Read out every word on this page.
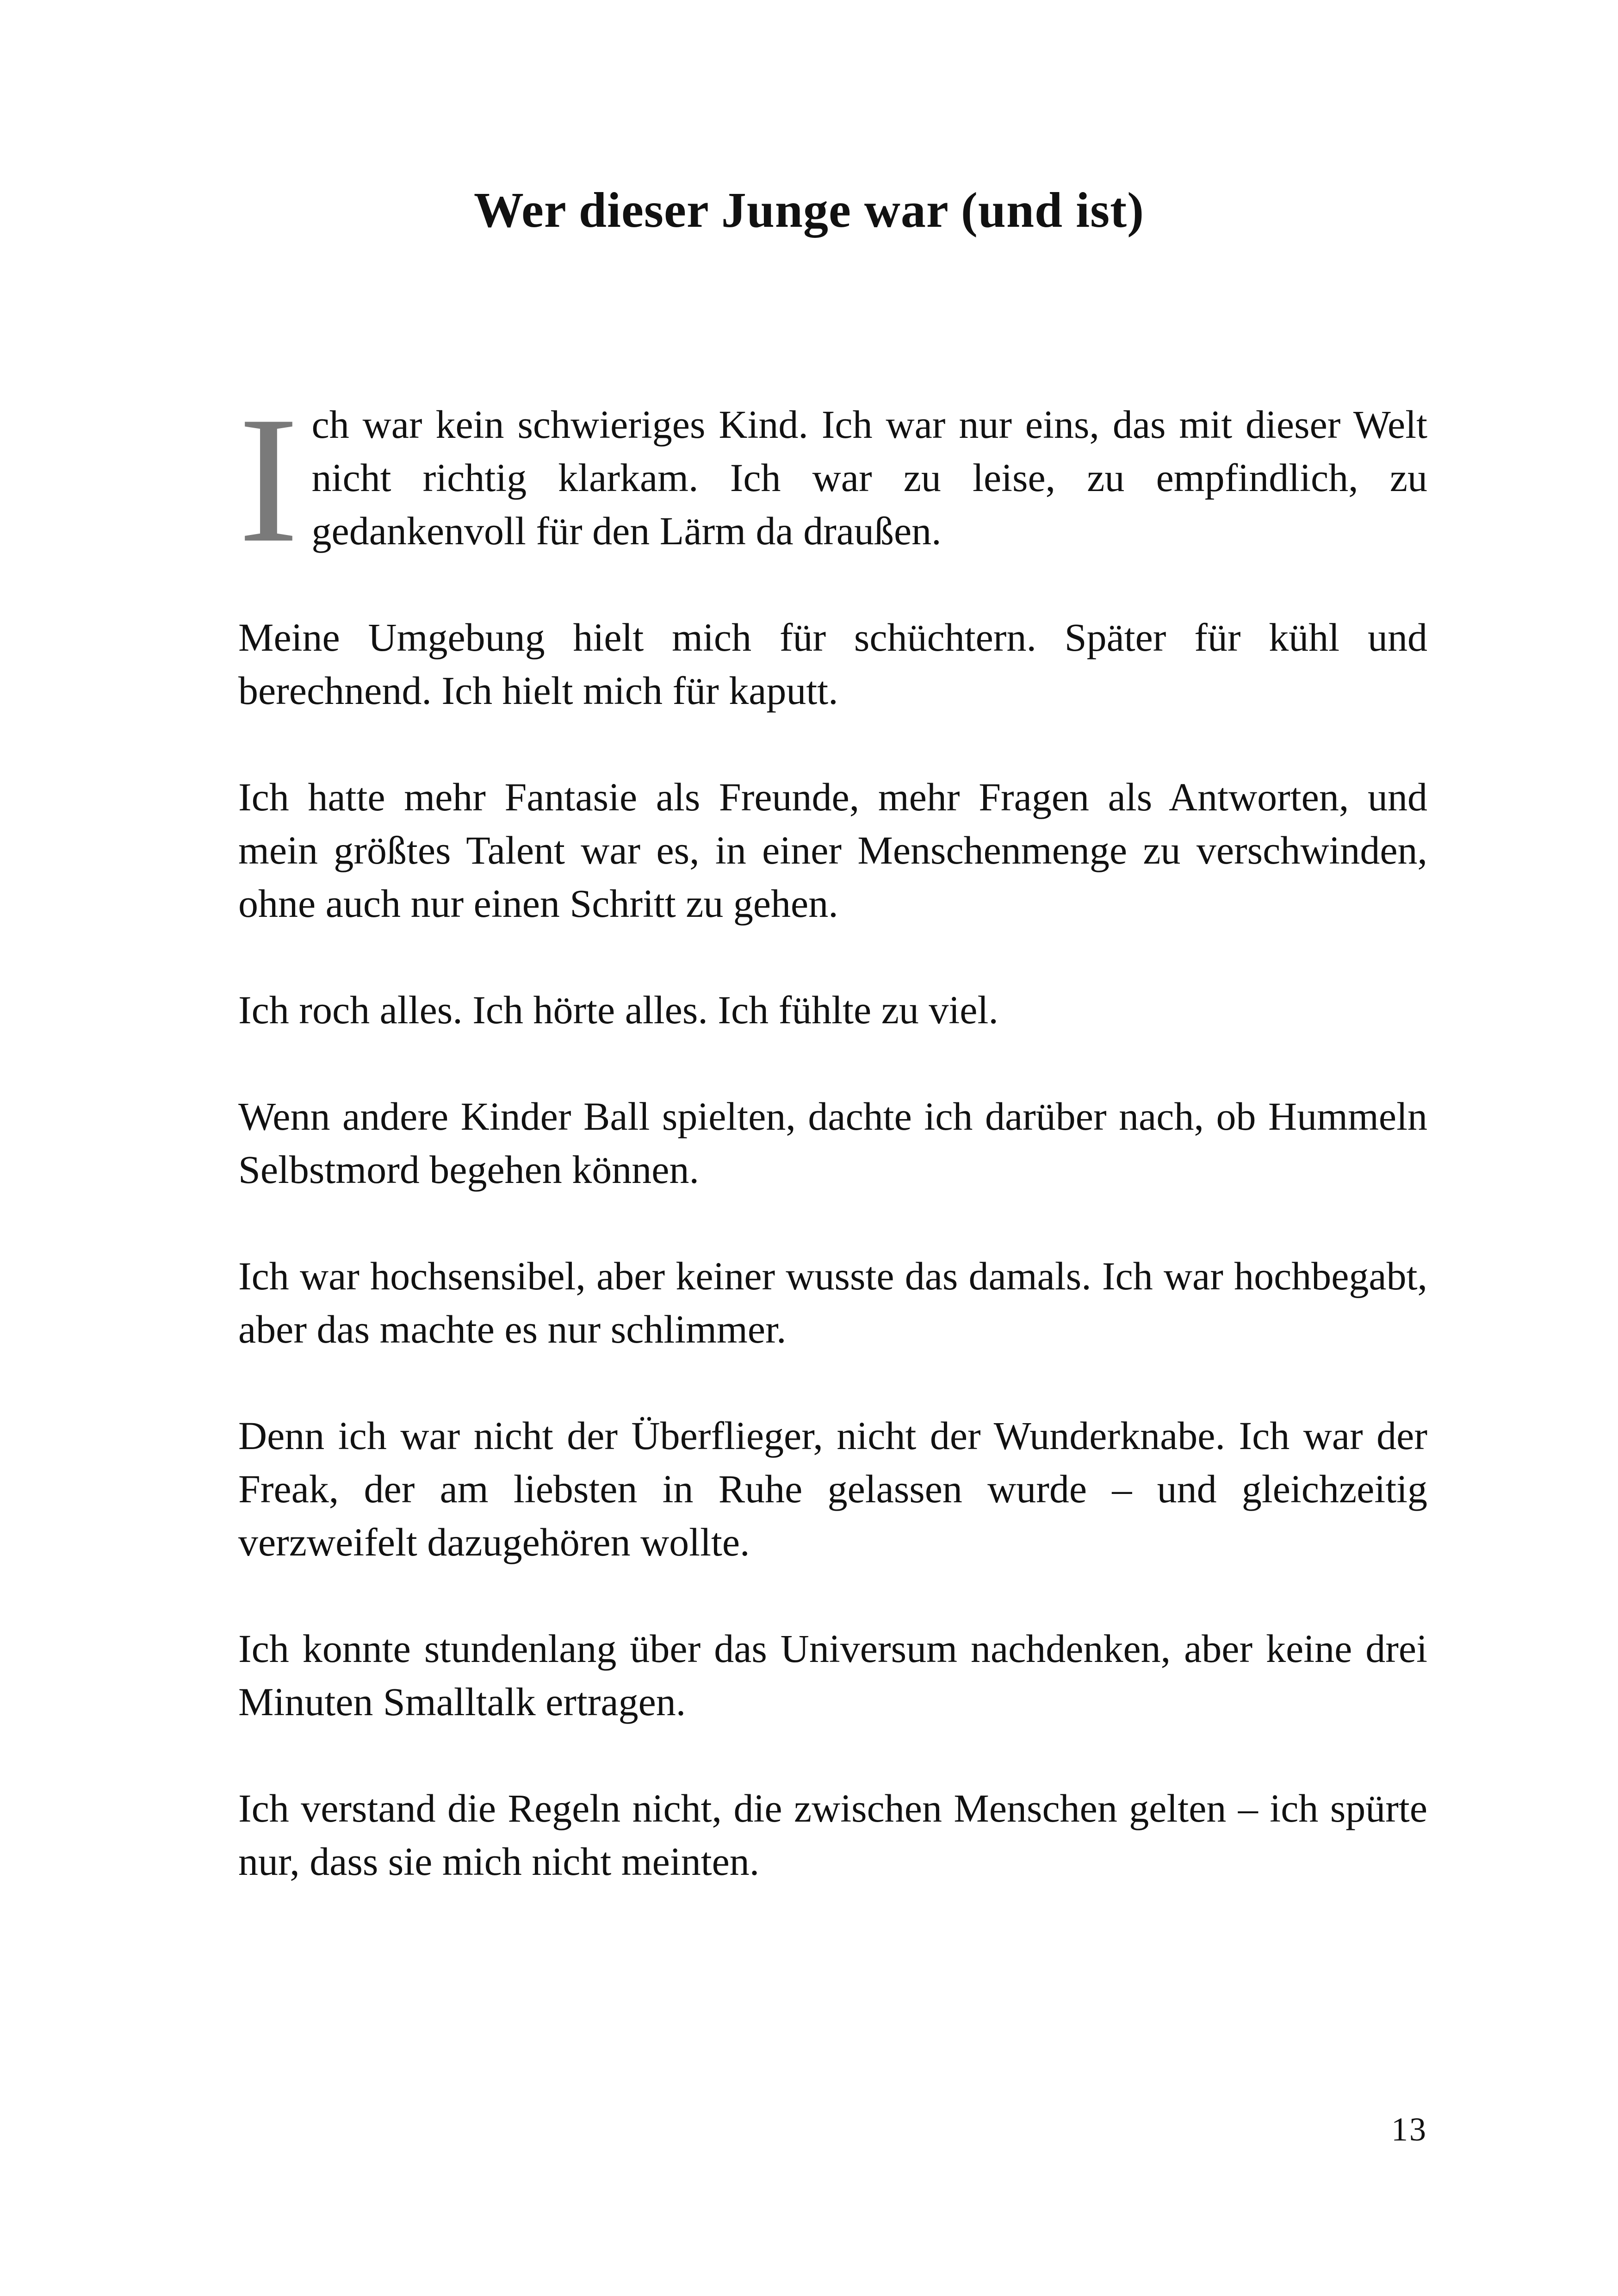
Wer dieser Junge war (und ist)

Ich war kein schwieriges Kind. Ich war nur eins, das mit dieser Welt nicht richtig klarkam. Ich war zu leise, zu empfindlich, zu gedankenvoll für den Lärm da draußen.

Meine Umgebung hielt mich für schüchtern. Später für kühl und berechnend. Ich hielt mich für kaputt.

Ich hatte mehr Fantasie als Freunde, mehr Fragen als Antworten, und mein größtes Talent war es, in einer Menschenmenge zu verschwinden, ohne auch nur einen Schritt zu gehen.

Ich roch alles. Ich hörte alles. Ich fühlte zu viel.

Wenn andere Kinder Ball spielten, dachte ich darüber nach, ob Hummeln Selbstmord begehen können.

Ich war hochsensibel, aber keiner wusste das damals. Ich war hochbegabt, aber das machte es nur schlimmer.

Denn ich war nicht der Überflieger, nicht der Wunderknabe. Ich war der Freak, der am liebsten in Ruhe gelassen wurde – und gleichzeitig verzweifelt dazugehören wollte.

Ich konnte stundenlang über das Universum nachdenken, aber keine drei Minuten Smalltalk ertragen.

Ich verstand die Regeln nicht, die zwischen Menschen gelten – ich spürte nur, dass sie mich nicht meinten.

13
